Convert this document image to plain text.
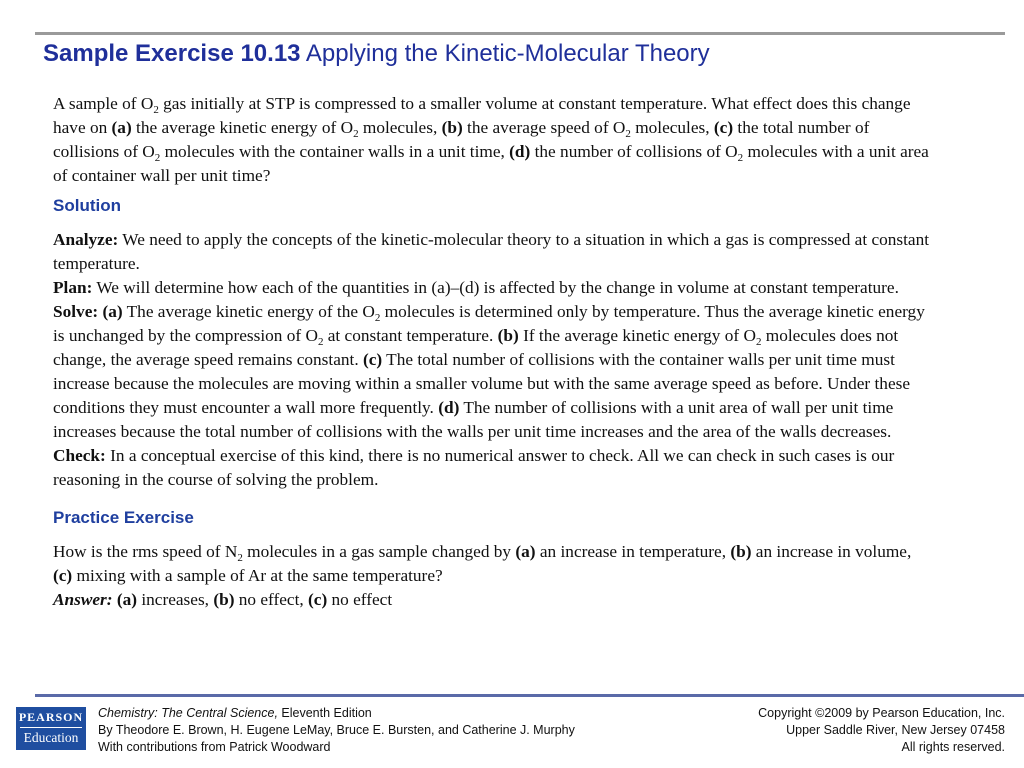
Sample Exercise 10.13 Applying the Kinetic-Molecular Theory

A sample of $O_2$ gas initially at STP is compressed to a smaller volume at constant temperature. What effect does this change have on (a) the average kinetic energy of $O_2$ molecules, (b) the average speed of $O_2$ molecules, (c) the total number of collisions of $O_2$ molecules with the container walls in a unit time, (d) the number of collisions of $O_2$ molecules with a unit area of container wall per unit time?

Solution

Analyze: We need to apply the concepts of the kinetic-molecular theory to a situation in which a gas is compressed at constant temperature.

Plan: We will determine how each of the quantities in (a)–(d) is affected by the change in volume at constant temperature.

Solve: (a) The average kinetic energy of the $O_2$ molecules is determined only by temperature. Thus the average kinetic energy is unchanged by the compression of $O_2$ at constant temperature. (b) If the average kinetic energy of $O_2$ molecules does not change, the average speed remains constant. (c) The total number of collisions with the container walls per unit time must increase because the molecules are moving within a smaller volume but with the same average speed as before. Under these conditions they must encounter a wall more frequently. (d) The number of collisions with a unit area of wall per unit time increases because the total number of collisions with the walls per unit time increases and the area of the walls decreases.

Check: In a conceptual exercise of this kind, there is no numerical answer to check. All we can check in such cases is our reasoning in the course of solving the problem.

Practice Exercise

How is the rms speed of $N_2$ molecules in a gas sample changed by (a) an increase in temperature, (b) an increase in volume, (c) mixing with a sample of Ar at the same temperature?

Answer: (a) increases, (b) no effect, (c) no effect

PEARSON
Education
Chemistry: The Central Science, Eleventh Edition
By Theodore E. Brown, H. Eugene LeMay, Bruce E. Bursten, and Catherine J. Murphy
With contributions from Patrick Woodward
Copyright ©2009 by Pearson Education, Inc.
Upper Saddle River, New Jersey 07458
All rights reserved.
